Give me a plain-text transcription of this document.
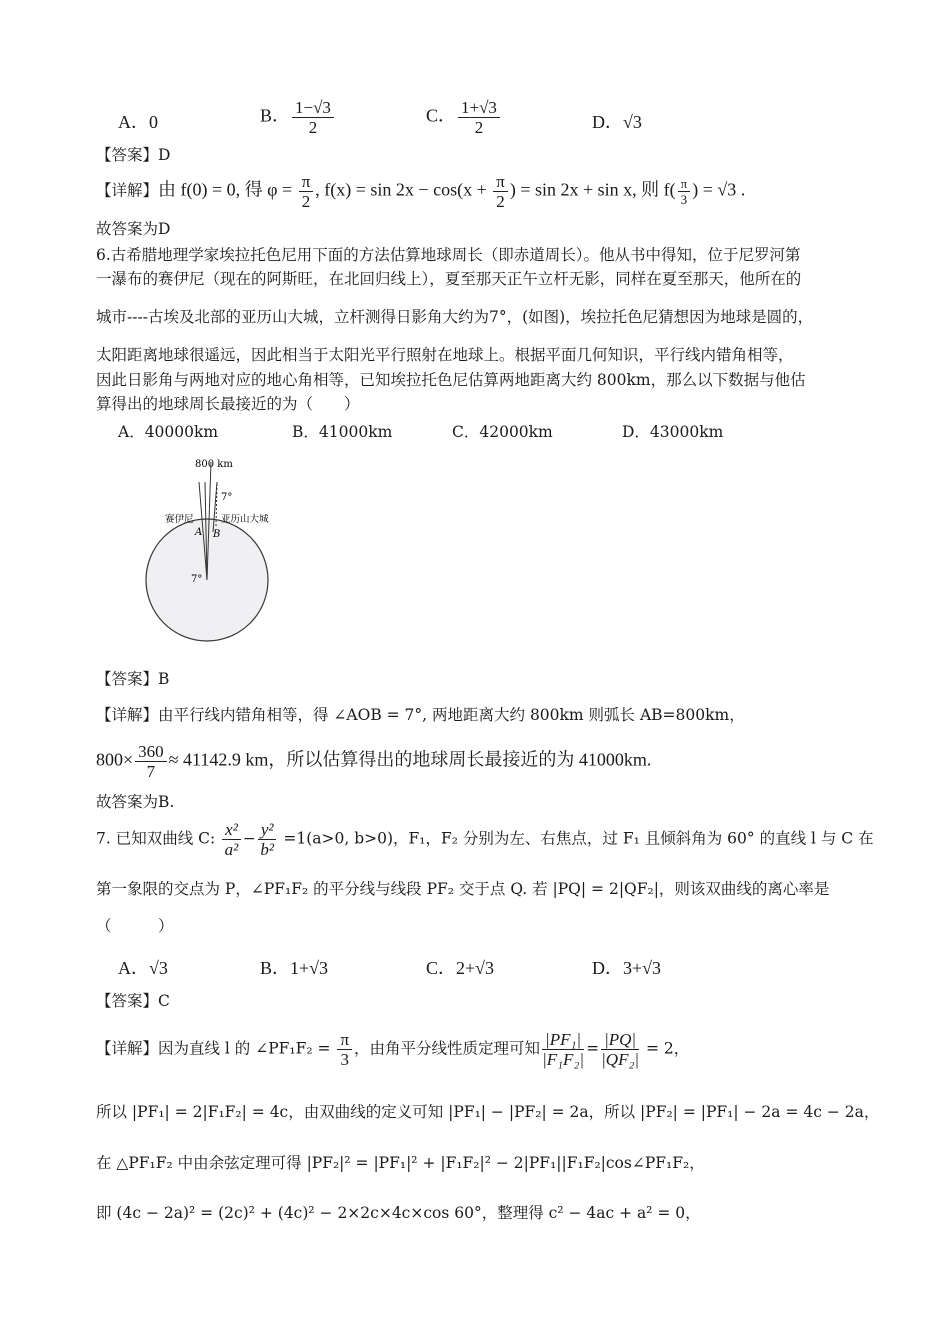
A．0	B． $\frac{1-√3}{2}$	C． $\frac{1+√3}{2}$	D．√3
【答案】D
【详解】由 f(0) = 0, 得 $\varphi = \frac{\pi}{2}$ , $f(x) = \sin 2x - \cos(x + \frac{\pi}{2}$ ) = sin 2x + sin x, 则 $f( \frac{\pi}{3}$ ) = √3 .
故答案为D
6.古希腊地理学家埃拉托色尼用下面的方法估算地球周长（即赤道周长）。他从书中得知，位于尼罗河第
一瀑布的赛伊尼（现在的阿斯旺，在北回归线上），夏至那天正午立杆无影，同样在夏至那天，他所在的
城市----古埃及北部的亚历山大城，立杆测得日影角大约为7°，(如图)，埃拉托色尼猜想因为地球是圆的，
太阳距离地球很遥远，因此相当于太阳光平行照射在地球上。根据平面几何知识，平行线内错角相等，
因此日影角与两地对应的地心角相等，已知埃拉托色尼估算两地距离大约 800km，那么以下数据与他估
算得出的地球周长最接近的为（　　）
A．40000km	B．41000km	C．42000km	D．43000km
800 km
7°
赛伊尼	亚历山大城
A B
7°
【答案】B
【详解】由平行线内错角相等，得 ∠AOB = 7°, 两地距离大约 800km 则弧长 AB=800km，
$800\times \frac{360}{7} \approx 41142.9$ km，所以估算得出的地球周长最接近的为 41000km.
故答案为B.
7. 已知双曲线 C: $\frac{\text{x²}}{\text{a²}} - \frac{\text{y²}}{\text{b²}} =1(a>0$, b>0)，F₁，F₂ 分别为左、右焦点，过 F₁ 且倾斜角为 60° 的直线 l 与 C 在
第一象限的交点为 P，∠PF₁F₂ 的平分线与线段 PF₂ 交于点 Q. 若 |PQ| = 2|QF₂|，则该双曲线的离心率是
（　　　）
A．√3	B．1+√3	C．2+√3	D．3+√3
【答案】C
【详解】因为直线 l 的 ∠PF₁F₂ = $\frac{\pi}{3}$ ，由角平分线性质定理可知 $\frac{\text{|PF₁|}}{\text{|F₁F₂|}} = \frac{|PQ|}{\text{|QF₂|}} = 2$，
所以 |PF₁| = 2|F₁F₂| = 4c，由双曲线的定义可知 |PF₁| − |PF₂| = 2a，所以 |PF₂| = |PF₁| − 2a = 4c − 2a，
在 △PF₁F₂ 中由余弦定理可得 |PF₂|² = |PF₁|² + |F₁F₂|² − 2|PF₁||F₁F₂|cos∠PF₁F₂，
即 (4c − 2a)² = (2c)² + (4c)² − 2×2c×4c×cos 60°，整理得 c² − 4ac + a² = 0，
